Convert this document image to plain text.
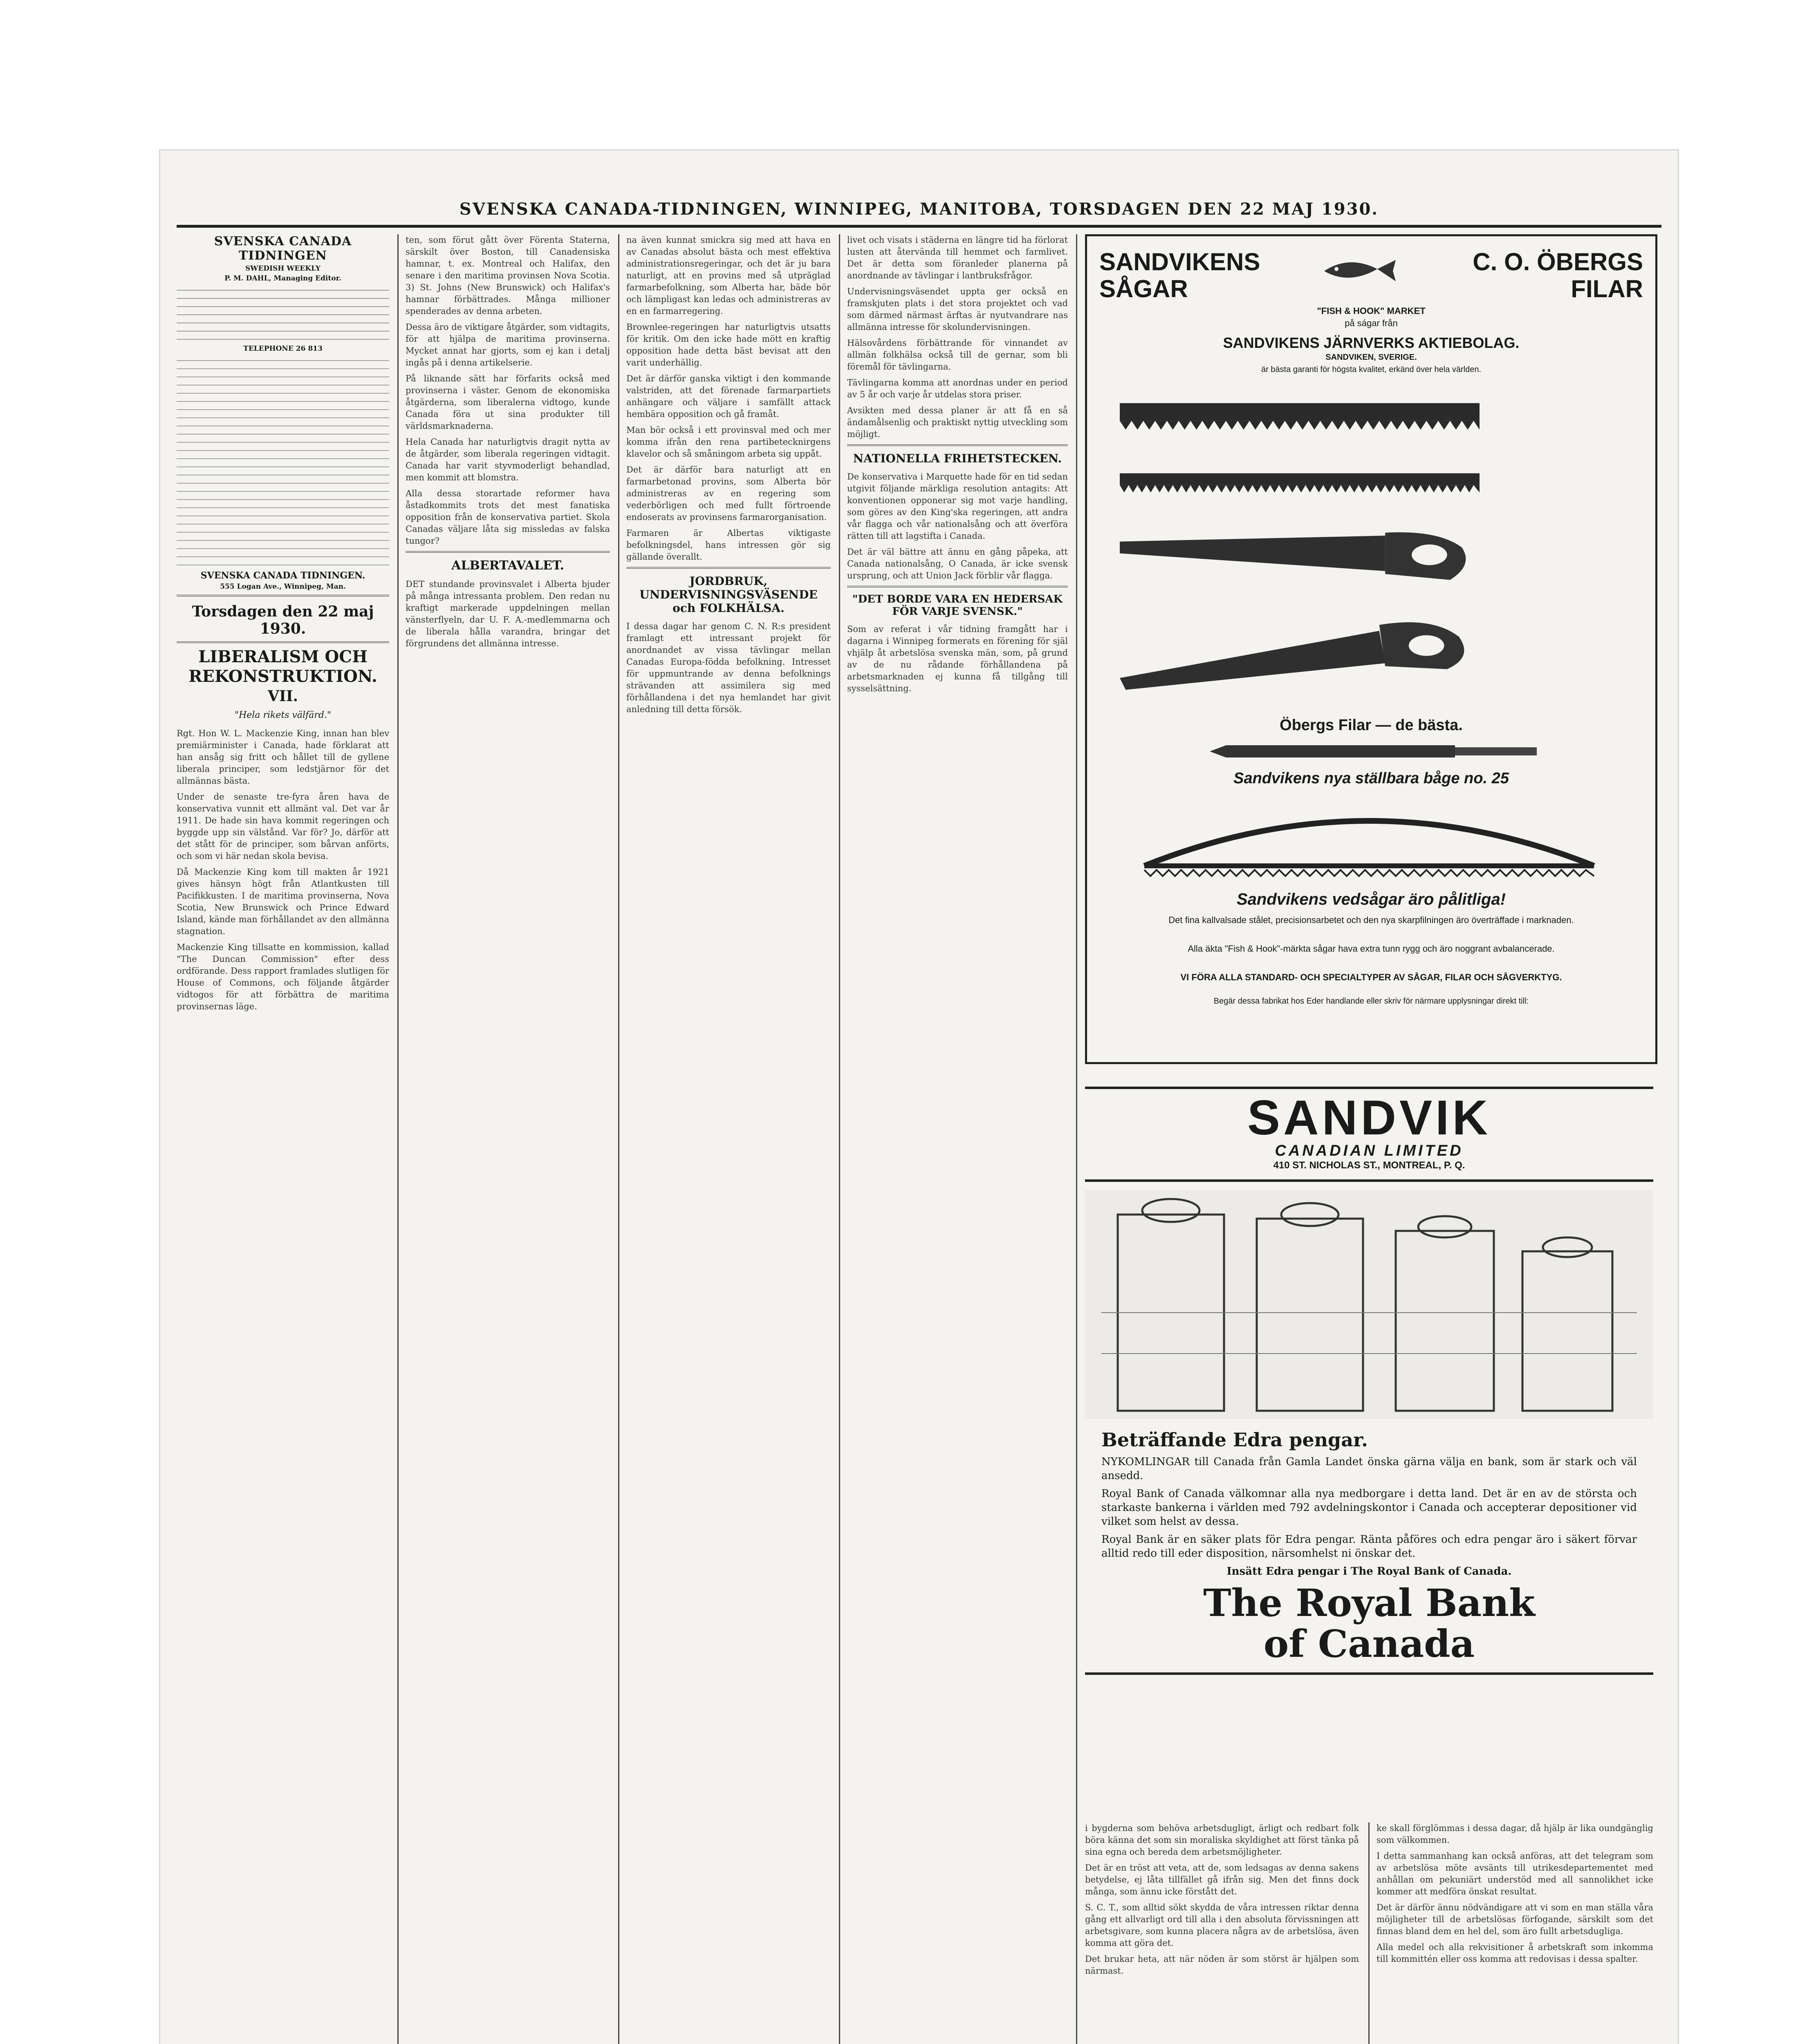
SVENSKA CANADA-TIDNINGEN, WINNIPEG, MANITOBA, TORSDAGEN DEN 22 MAJ 1930.
SVENSKA CANADA TIDNINGEN
SWEDISH WEEKLY
P. M. DAHL, Managing Editor.
TELEPHONE 26 813
SVENSKA CANADA TIDNINGEN.
555 Logan Ave., Winnipeg, Man.
Torsdagen den 22 maj 1930.
LIBERALISM OCH REKONSTRUKTION.
VII.
"Hela rikets välfärd."

Rgt. Hon W. L. Mackenzie King, innan han blev premiärminister i Canada, hade förklarat att han ansåg sig fritt och hållet till de gyllene liberala principer, som ledstjärnor för det allmännas bästa.

Under de senaste tre-fyra åren hava de konservativa vunnit ett allmänt val. Det var år 1911. De hade sin hava kommit regeringen och byggde upp sin välstånd. Var för? Jo, därför att det stått för de principer, som bårvan anförts, och som vi här nedan skola bevisa.

Då Mackenzie King kom till makten år 1921 gives hänsyn högt från Atlantkusten till Pacifikkusten. I de maritima provinserna, Nova Scotia, New Brunswick och Prince Edward Island, kände man förhållandet av den allmänna stagnation.

Mackenzie King tillsatte en kommission, kallad "The Duncan Commission" efter dess ordförande. Dess rapport framlades slutligen för House of Commons, och följande åtgärder vidtogos för att förbättra de maritima provinsernas läge.

ten, som förut gått över Förenta Staterna, särskilt över Boston, till Canadensiska hamnar, t. ex. Montreal och Halifax, den senare i den maritima provinsen Nova Scotia. 3) St. Johns (New Brunswick) och Halifax's hamnar förbättrades. Många millioner spenderades av denna arbeten.

Dessa äro de viktigare åtgärder, som vidtagits, för att hjälpa de maritima provinserna. Mycket annat har gjorts, som ej kan i detalj ingås på i denna artikelserie.

På liknande sätt har förfarits också med provinserna i väster. Genom de ekonomiska åtgärderna, som liberalerna vidtogo, kunde Canada föra ut sina produkter till världsmarknaderna.

Hela Canada har naturligtvis dragit nytta av de åtgärder, som liberala regeringen vidtagit. Canada har varit styvmoderligt behandlad, men kommit att blomstra.

Alla dessa storartade reformer hava åstadkommits trots det mest fanatiska opposition från de konservativa partiet. Skola Canadas väljare låta sig missledas av falska tungor?

ALBERTAVALET.

DET stundande provinsvalet i Alberta bjuder på många intressanta problem. Den redan nu kraftigt markerade uppdelningen mellan vänsterflyeln, dar U. F. A.-medlemmarna och de liberala hålla varandra, bringar det förgrundens det allmänna intresse.

na även kunnat smickra sig med att hava en av Canadas absolut bästa och mest effektiva administrationsregeringar, och det är ju bara naturligt, att en provins med så utpräglad farmarbefolkning, som Alberta har, bäde bör och lämpligast kan ledas och administreras av en en farmarregering.

Brownlee-regeringen har naturligtvis utsatts för kritik. Om den icke hade mött en kraftig opposition hade detta bäst bevisat att den varit underhällig.

Det är därför ganska viktigt i den kommande valstriden, att det förenade farmarpartiets anhängare och väljare i samfällt attack hembära opposition och gå framåt.

Man bör också i ett provinsval med och mer komma ifrån den rena partibetecknirgens klavelor och så småningom arbeta sig uppåt.

Det är därför bara naturligt att en farmarbetonad provins, som Alberta bör administreras av en regering som vederbörligen och med fullt förtroende endoserats av provinsens farmarorganisation.

Farmaren är Albertas viktigaste befolkningsdel, hans intressen gör sig gällande överallt.

JORDBRUK, UNDERVISNINGSVÄSENDE och FOLKHÄLSA.

I dessa dagar har genom C. N. R:s president framlagt ett intressant projekt för anordnandet av vissa tävlingar mellan Canadas Europa-födda befolkning. Intresset för uppmuntrande av denna befolknings strävanden att assimilera sig med förhållandena i det nya hemlandet har givit anledning till detta försök.

livet och visats i städerna en längre tid ha förlorat lusten att återvända till hemmet och farmlivet. Det är detta som föranleder planerna på anordnande av tävlingar i lantbruksfrågor.

Undervisningsväsendet uppta ger också en framskjuten plats i det stora projektet och vad som därmed närmast ärftas är nyutvandrare nas allmänna intresse för skolundervisningen.

Hälsovårdens förbättrande för vinnandet av allmän folkhälsa också till de gernar, som bli föremål för tävlingarna.

Tävlingarna komma att anordnas under en period av 5 år och varje år utdelas stora priser.

Avsikten med dessa planer är att få en så ändamålsenlig och praktiskt nyttig utveckling som möjligt.

NATIONELLA FRIHETSTECKEN.

De konservativa i Marquette hade för en tid sedan utgivit följande märkliga resolution antagits: Att konventionen opponerar sig mot varje handling, som göres av den King'ska regeringen, att andra vår flagga och vår nationalsång och att överföra rätten till att lagstifta i Canada.

Det är väl bättre att ännu en gång påpeka, att Canada nationalsång, O Canada, är icke svensk ursprung, och att Union Jack förblir vår flagga.

"DET BORDE VARA EN HEDERSAK FÖR VARJE SVENSK."

Som av referat i vår tidning framgått har i dagarna i Winnipeg formerats en förening för själ vhjälp åt arbetslösa svenska män, som, på grund av de nu rådande förhållandena på arbetsmarknaden ej kunna få tillgång till sysselsättning.

SANDVIKENS
SÅGAR
C. O. ÖBERGS
FILAR
"FISH & HOOK" MARKET
på ságar från
SANDVIKENS JÄRNVERKS AKTIEBOLAG.
SANDVIKEN, SVERIGE.
är bästa garanti för högsta kvalitet, erkänd över hela världen.
Öbergs Filar — de bästa.
Sandvikens nya ställbara båge no. 25
Sandvikens vedsågar äro pålitliga!
Det fina kallvalsade stålet, precisionsarbetet och den nya skarpfilningen äro överträffade i marknaden.
Alla äkta "Fish & Hook"-märkta sågar hava extra tunn rygg och äro noggrant avbalancerade.
VI FÖRA ALLA STANDARD- OCH SPECIALTYPER AV SÅGAR, FILAR OCH SÅGVERKTYG.
Begär dessa fabrikat hos Eder handlande eller skriv för närmare upplysningar direkt till:
SANDVIK
CANADIAN LIMITED
410 ST. NICHOLAS ST., MONTREAL, P. Q.
Beträffande Edra pengar.

NYKOMLINGAR till Canada från Gamla Landet önska gärna välja en bank, som är stark och väl ansedd.

Royal Bank of Canada välkomnar alla nya medborgare i detta land. Det är en av de största och starkaste bankerna i världen med 792 avdelningskontor i Canada och accepterar depositioner vid vilket som helst av dessa.

Royal Bank är en säker plats för Edra pengar. Ränta påföres och edra pengar äro i säkert förvar alltid redo till eder disposition, närsomhelst ni önskar det.

Insätt Edra pengar i The Royal Bank of Canada.

The Royal Bank
of Canada

i bygderna som behöva arbetsdugligt, ärligt och redbart folk böra känna det som sin moraliska skyldighet att först tänka på sina egna och bereda dem arbetsmöjligheter.

Det är en tröst att veta, att de, som ledsagas av denna sakens betydelse, ej låta tillfället gå ifrån sig. Men det finns dock många, som ännu icke förstått det.

S. C. T., som alltid sökt skydda de våra intressen riktar denna gång ett allvarligt ord till alla i den absoluta förvissningen att arbetsgivare, som kunna placera några av de arbetslösa, även komma att göra det.

Det brukar heta, att när nöden är som störst är hjälpen som närmast.

ke skall förglömmas i dessa dagar, då hjälp är lika oundgänglig som välkommen.

I detta sammanhang kan också anföras, att det telegram som av arbetslösa möte avsänts till utrikesdepartementet med anhållan om pekuniärt understöd med all sannolikhet icke kommer att medföra önskat resultat.

Det är därför ännu nödvändigare att vi som en man ställa våra möjligheter till de arbetslösas förfogande, särskilt som det finnas bland dem en hel del, som äro fullt arbetsdugliga.

Alla medel och alla rekvisitioner å arbetskraft som inkomma till kommittén eller oss komma att redovisas i dessa spalter.
